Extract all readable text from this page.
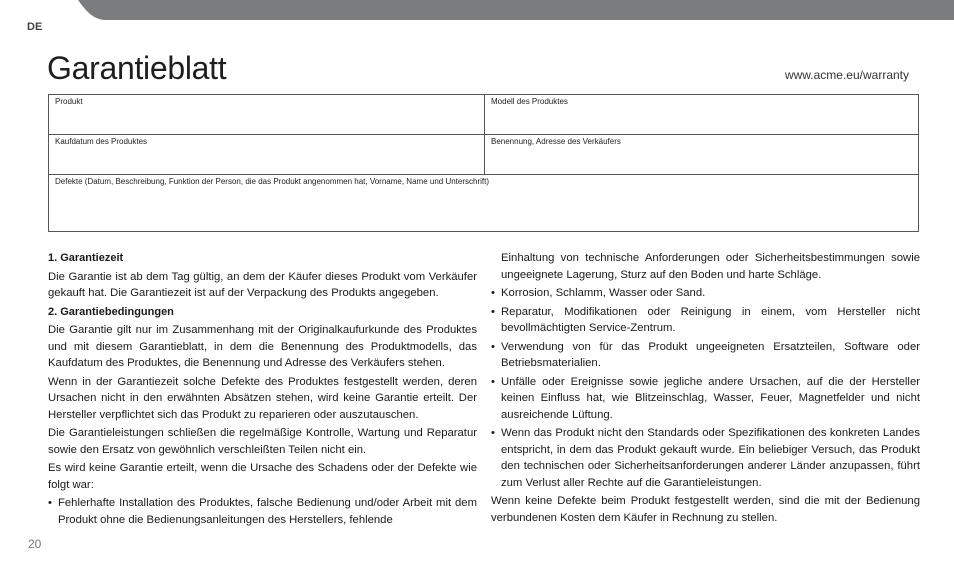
DE
Garantieblatt	www.acme.eu/warranty
Produkt	Modell des Produktes
Kaufdatum des Produktes	Benennung, Adresse des Verkäufers
Defekte (Datum, Beschreibung, Funktion der Person, die das Produkt angenommen hat, Vorname, Name und Unterschrift)
1. Garantiezeit

Die Garantie ist ab dem Tag gültig, an dem der Käufer dieses Produkt vom Verkäufer gekauft hat. Die Garantiezeit ist auf der Verpackung des Produkts angegeben.

2. Garantiebedingungen

Die Garantie gilt nur im Zusammenhang mit der Originalkaufurkunde des Produktes und mit diesem Garantieblatt, in dem die Benennung des Produktmodells, das Kaufdatum des Produktes, die Benennung und Adresse des Verkäufers stehen.

Wenn in der Garantiezeit solche Defekte des Produktes festgestellt werden, deren Ursachen nicht in den erwähnten Absätzen stehen, wird keine Garantie erteilt. Der Hersteller verpflichtet sich das Produkt zu reparieren oder auszutauschen.

Die Garantieleistungen schließen die regelmäßige Kontrolle, Wartung und Reparatur sowie den Ersatz von gewöhnlich verschleißten Teilen nicht ein.

Es wird keine Garantie erteilt, wenn die Ursache des Schadens oder der Defekte wie folgt war:

• Fehlerhafte Installation des Produktes, falsche Bedienung und/oder Arbeit mit dem Produkt ohne die Bedienungsanleitungen des Herstellers, fehlende

Einhaltung von technische Anforderungen oder Sicherheitsbestimmungen sowie ungeeignete Lagerung, Sturz auf den Boden und harte Schläge.

• Korrosion, Schlamm, Wasser oder Sand.
• Reparatur, Modifikationen oder Reinigung in einem, vom Hersteller nicht bevollmächtigten Service-Zentrum.
• Verwendung von für das Produkt ungeeigneten Ersatzteilen, Software oder Betriebsmaterialien.
• Unfälle oder Ereignisse sowie jegliche andere Ursachen, auf die der Hersteller keinen Einfluss hat, wie Blitzeinschlag, Wasser, Feuer, Magnetfelder und nicht ausreichende Lüftung.
• Wenn das Produkt nicht den Standards oder Spezifikationen des konkreten Landes entspricht, in dem das Produkt gekauft wurde. Ein beliebiger Versuch, das Produkt den technischen oder Sicherheitsanforderungen anderer Länder anzupassen, führt zum Verlust aller Rechte auf die Garantieleistungen.

Wenn keine Defekte beim Produkt festgestellt werden, sind die mit der Bedienung verbundenen Kosten dem Käufer in Rechnung zu stellen.

20
